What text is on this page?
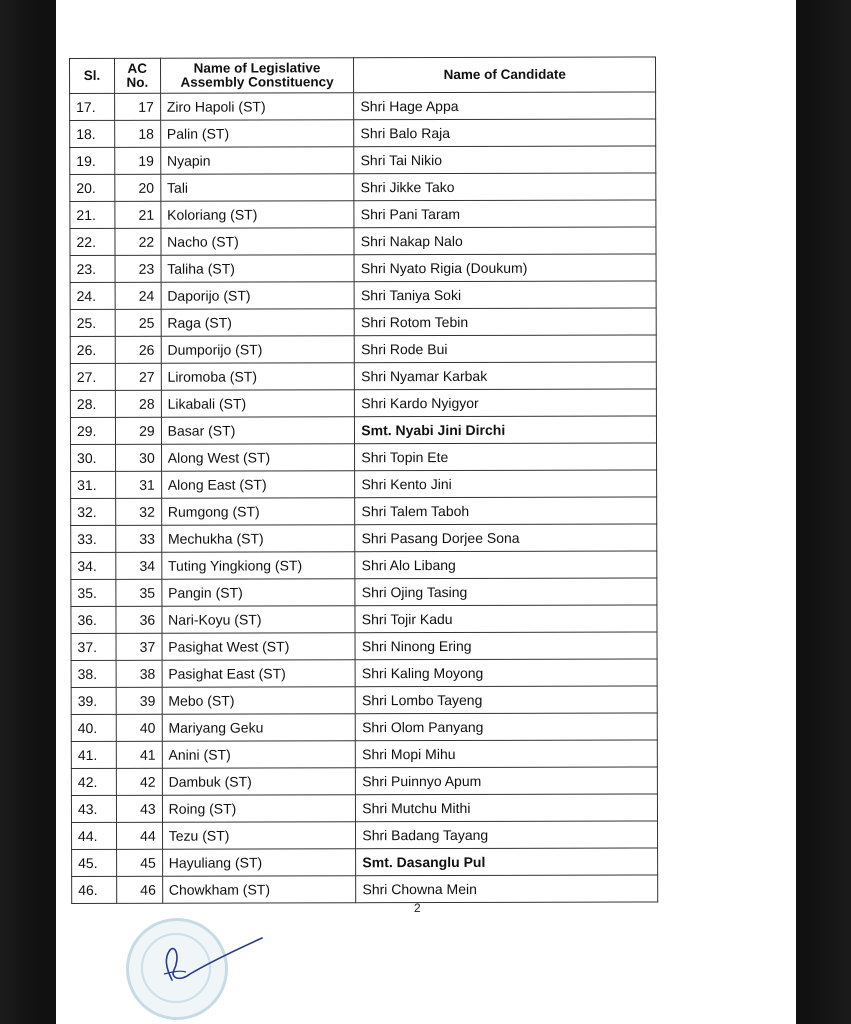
Sl.	AC No.	Name of Legislative Assembly Constituency	Name of Candidate
17.	17	Ziro Hapoli (ST)	Shri Hage Appa
18.	18	Palin (ST)	Shri Balo Raja
19.	19	Nyapin	Shri Tai Nikio
20.	20	Tali	Shri Jikke Tako
21.	21	Koloriang (ST)	Shri Pani Taram
22.	22	Nacho (ST)	Shri Nakap Nalo
23.	23	Taliha (ST)	Shri Nyato Rigia (Doukum)
24.	24	Daporijo (ST)	Shri Taniya Soki
25.	25	Raga (ST)	Shri Rotom Tebin
26.	26	Dumporijo (ST)	Shri Rode Bui
27.	27	Liromoba (ST)	Shri Nyamar Karbak
28.	28	Likabali (ST)	Shri Kardo Nyigyor
29.	29	Basar (ST)	Smt. Nyabi Jini Dirchi
30.	30	Along West (ST)	Shri Topin Ete
31.	31	Along East (ST)	Shri Kento Jini
32.	32	Rumgong (ST)	Shri Talem Taboh
33.	33	Mechukha (ST)	Shri Pasang Dorjee Sona
34.	34	Tuting Yingkiong (ST)	Shri Alo Libang
35.	35	Pangin (ST)	Shri Ojing Tasing
36.	36	Nari-Koyu (ST)	Shri Tojir Kadu
37.	37	Pasighat West (ST)	Shri Ninong Ering
38.	38	Pasighat East (ST)	Shri Kaling Moyong
39.	39	Mebo (ST)	Shri Lombo Tayeng
40.	40	Mariyang Geku	Shri Olom Panyang
41.	41	Anini (ST)	Shri Mopi Mihu
42.	42	Dambuk (ST)	Shri Puinnyo Apum
43.	43	Roing (ST)	Shri Mutchu Mithi
44.	44	Tezu (ST)	Shri Badang Tayang
45.	45	Hayuliang (ST)	Smt. Dasanglu Pul
46.	46	Chowkham (ST)	Shri Chowna Mein
2
